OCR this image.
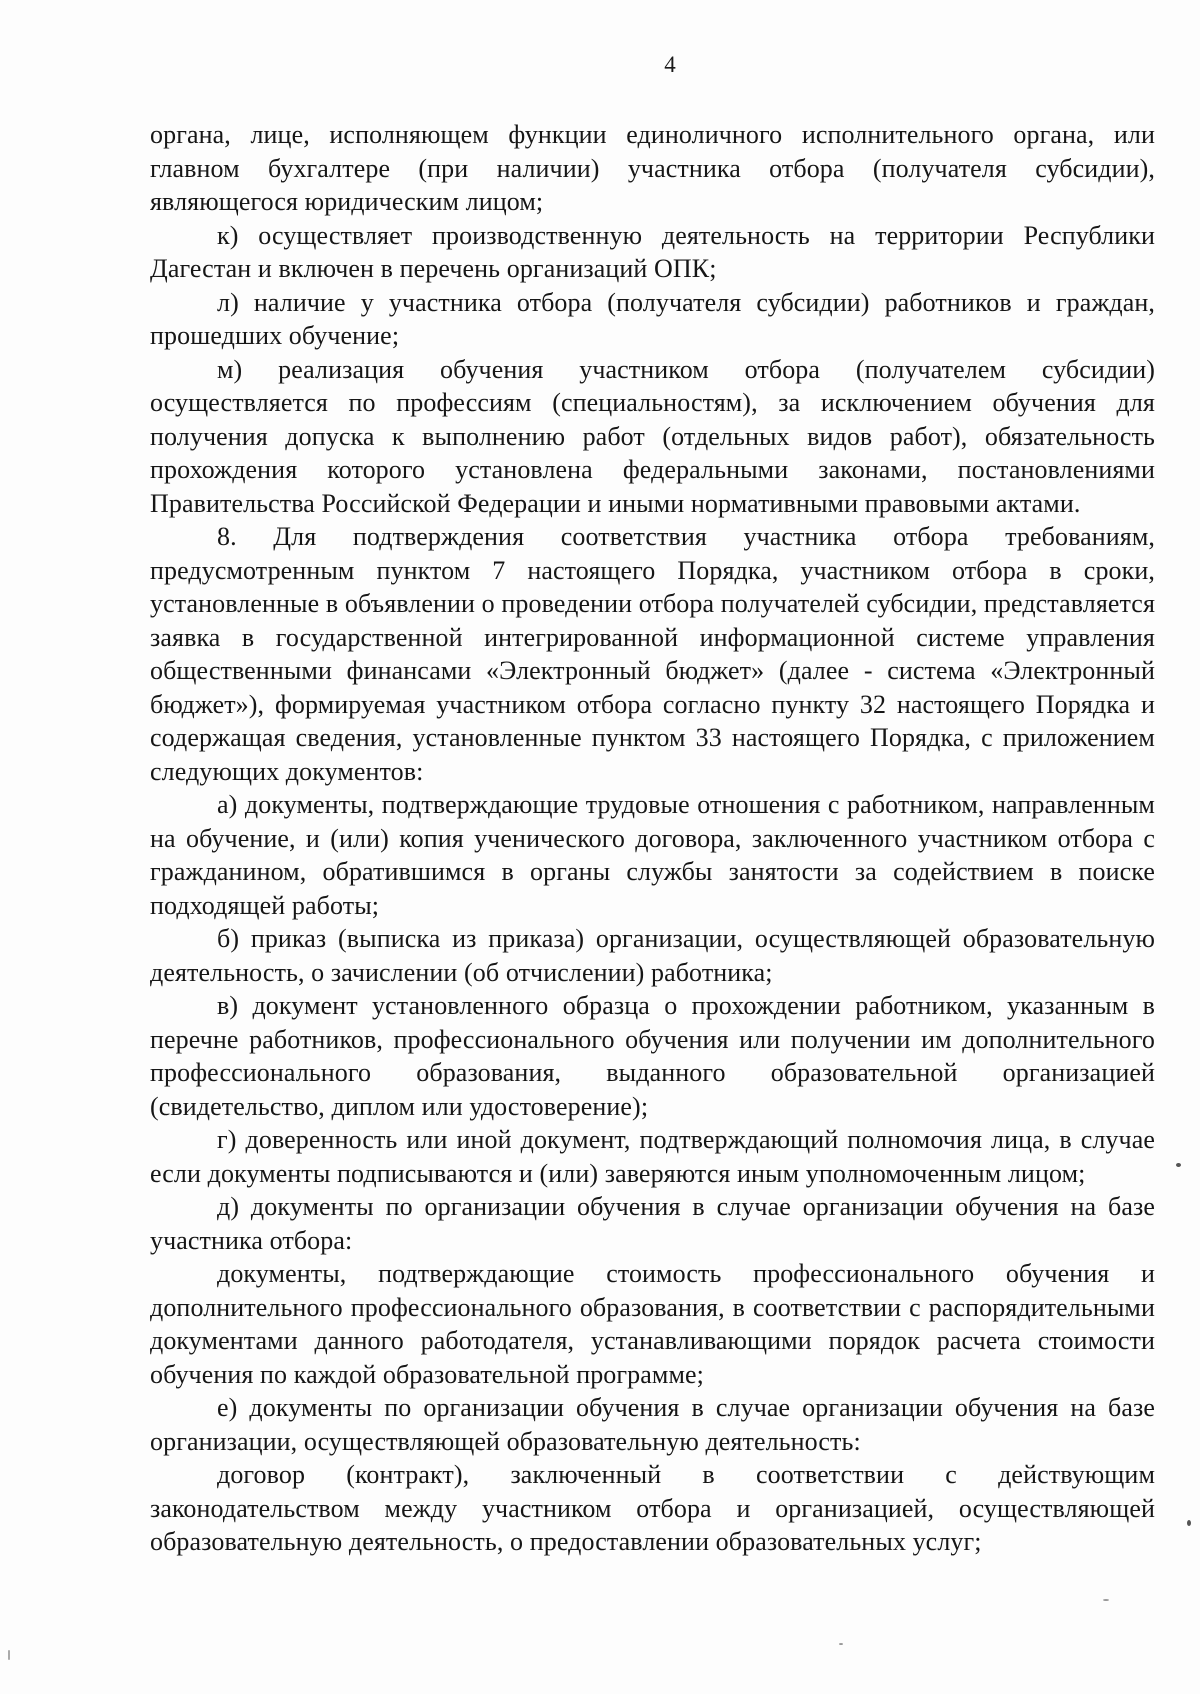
4

органа, лице, исполняющем функции единоличного исполнительного органа, или главном бухгалтере (при наличии) участника отбора (получателя субсидии), являющегося юридическим лицом;

к) осуществляет производственную деятельность на территории Республики Дагестан и включен в перечень организаций ОПК;

л) наличие у участника отбора (получателя субсидии) работников и граждан, прошедших обучение;

м) реализация обучения участником отбора (получателем субсидии) осуществляется по профессиям (специальностям), за исключением обучения для получения допуска к выполнению работ (отдельных видов работ), обязательность прохождения которого установлена федеральными законами, постановлениями Правительства Российской Федерации и иными нормативными правовыми актами.

8. Для подтверждения соответствия участника отбора требованиям, предусмотренным пунктом 7 настоящего Порядка, участником отбора в сроки, установленные в объявлении о проведении отбора получателей субсидии, представляется заявка в государственной интегрированной информационной системе управления общественными финансами «Электронный бюджет» (далее - система «Электронный бюджет»), формируемая участником отбора согласно пункту 32 настоящего Порядка и содержащая сведения, установленные пунктом 33 настоящего Порядка, с приложением следующих документов:

а) документы, подтверждающие трудовые отношения с работником, направленным на обучение, и (или) копия ученического договора, заключенного участником отбора с гражданином, обратившимся в органы службы занятости за содействием в поиске подходящей работы;

б) приказ (выписка из приказа) организации, осуществляющей образовательную деятельность, о зачислении (об отчислении) работника;

в) документ установленного образца о прохождении работником, указанным в перечне работников, профессионального обучения или получении им дополнительного профессионального образования, выданного образовательной организацией (свидетельство, диплом или удостоверение);

г) доверенность или иной документ, подтверждающий полномочия лица, в случае если документы подписываются и (или) заверяются иным уполномоченным лицом;

д) документы по организации обучения в случае организации обучения на базе участника отбора:

документы, подтверждающие стоимость профессионального обучения и дополнительного профессионального образования, в соответствии с распорядительными документами данного работодателя, устанавливающими порядок расчета стоимости обучения по каждой образовательной программе;

е) документы по организации обучения в случае организации обучения на базе организации, осуществляющей образовательную деятельность:

договор (контракт), заключенный в соответствии с действующим законодательством между участником отбора и организацией, осуществляющей образовательную деятельность, о предоставлении образовательных услуг;
